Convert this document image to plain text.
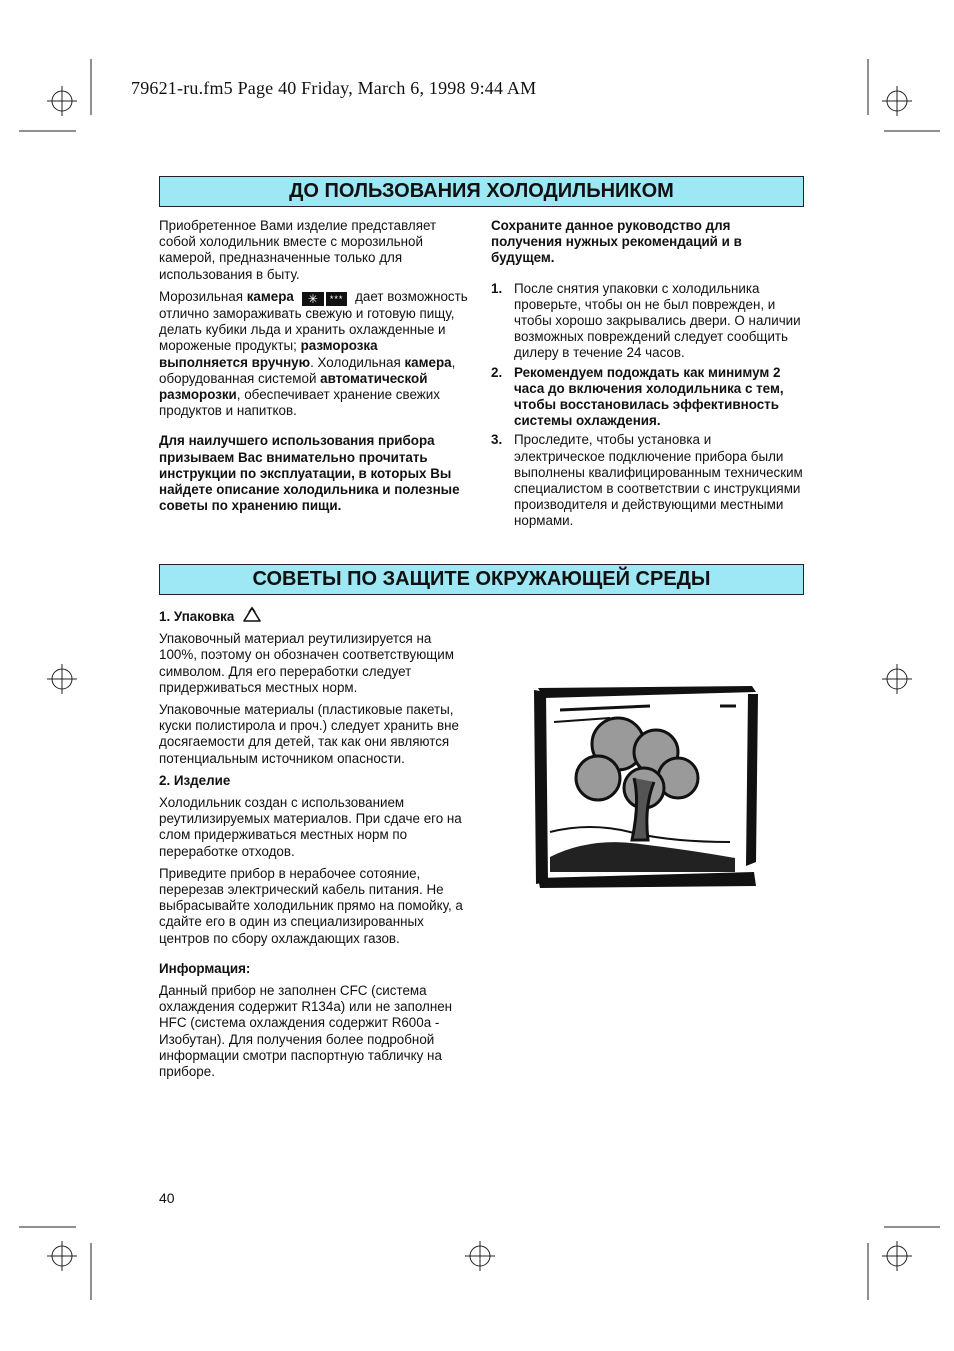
79621-ru.fm5 Page 40 Friday, March 6, 1998 9:44 AM
ДО ПОЛЬЗОВАНИЯ ХОЛОДИЛЬНИКОМ

Приобретенное Вами изделие представляет собой холодильник вместе с морозильной камерой, предназначенные только для использования в быту.

Морозильная камера	✳	*** дает возможность отлично замораживать свежую и готовую пищу, делать кубики льда и хранить охлажденные и мороженые продукты; разморозка выполняется вручную. Холодильная камера, оборудованная системой автоматической разморозки, обеспечивает хранение свежих продуктов и напитков.

Для наилучшего использования прибора призываем Вас внимательно прочитать инструкции по эксплуатации, в которых Вы найдете описание холодильника и полезные советы по хранению пищи.

Сохраните данное руководство для получения нужных рекомендаций и в будущем.

1. После снятия упаковки с холодильника проверьте, чтобы он не был поврежден, и чтобы хорошо закрывались двери. О наличии возможных повреждений следует сообщить дилеру в течение 24 часов.
2. Рекомендуем подождать как минимум 2 часа до включения холодильника с тем, чтобы восстановилась эффективность системы охлаждения.
3. Проследите, чтобы установка и электрическое подключение прибора были выполнены квалифицированным техническим специалистом в соответствии с инструкциями производителя и действующими местными нормами.
СОВЕТЫ ПО ЗАЩИТЕ ОКРУЖАЮЩЕЙ СРЕДЫ

1. Упаковка

Упаковочный материал реутилизируется на 100%, поэтому он обозначен соответствующим символом. Для его переработки следует придерживаться местных норм.

Упаковочные материалы (пластиковые пакеты, куски полистирола и проч.) следует хранить вне досягаемости для детей, так как они являются потенциальным источником опасности.

2. Изделие

Холодильник создан с использованием реутилизируемых материалов. При сдаче его на слом придерживаться местных норм по переработке отходов.

Приведите прибор в нерабочее сотояние, перерезав электрический кабель питания. Не выбрасывайте холодильник прямо на помойку, а сдайте его в один из специализированных центров по сбору охлаждающих газов.

Информация:

Данный прибор не заполнен CFC (система охлаждения содержит R134a) или не заполнен HFC (система охлаждения содержит R600a - Изобутан). Для получения более подробной информации смотри паспортную табличку на приборе.

40
